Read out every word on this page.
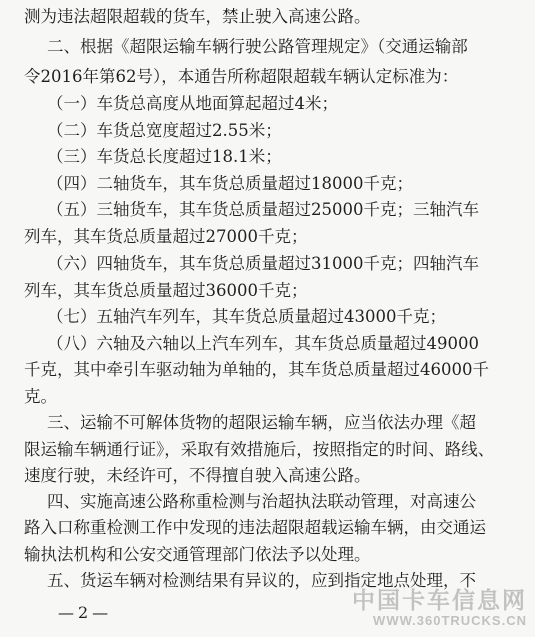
测为违法超限超载的货车，禁止驶入高速公路。
二、根据《超限运输车辆行驶公路管理规定》（交通运输部
令2016年第62号），本通告所称超限超载车辆认定标准为：
（一）车货总高度从地面算起超过4米；
（二）车货总宽度超过2.55米；
（三）车货总长度超过18.1米；
（四）二轴货车，其车货总质量超过18000千克；
（五）三轴货车，其车货总质量超过25000千克；三轴汽车
列车，其车货总质量超过27000千克；
（六）四轴货车，其车货总质量超过31000千克；四轴汽车
列车，其车货总质量超过36000千克；
（七）五轴汽车列车，其车货总质量超过43000千克；
（八）六轴及六轴以上汽车列车，其车货总质量超过49000
千克，其中牵引车驱动轴为单轴的，其车货总质量超过46000千
克。
三、运输不可解体货物的超限运输车辆，应当依法办理《超
限运输车辆通行证》，采取有效措施后，按照指定的时间、路线、
速度行驶，未经许可，不得擅自驶入高速公路。
四、实施高速公路称重检测与治超执法联动管理，对高速公
路入口称重检测工作中发现的违法超限超载运输车辆，由交通运
输执法机构和公安交通管理部门依法予以处理。
五、货运车辆对检测结果有异议的，应到指定地点处理，不
—2—	中国卡车信息网
WWW.360TRUCKS.CN
